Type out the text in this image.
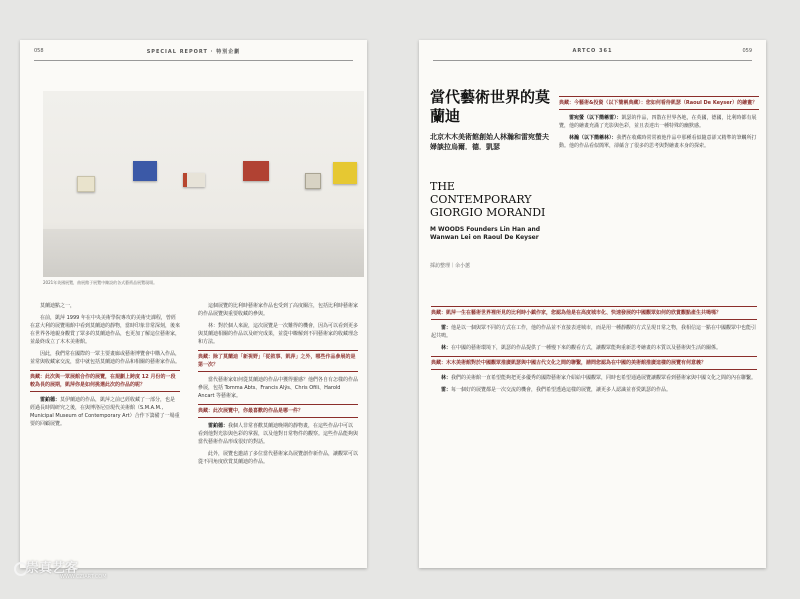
058	SPECIAL REPORT · 特別企劃
2021年英國展覽，曲展館于展覽中陳設的各式藝術品展覽現場。

莫蘭迪點之一，

在前，凱萍 1999 年在中央美術學院專攻的美術史課程，曾經在意大利的展覽場館中看到莫蘭迪的靜物，當時印象非常深刻，後來在世界各地親身觀賞了眾多的莫蘭迪作品，也更加了解這位藝術家，並最終成立了木木美術館。

因此，我們常在國際的一眾主要畫廊或藝術博覽會中購入作品，並常與收藏家交流，當中就包括莫蘭迪的作品和相關的藝術家作品。

典藏：此次與一眾展館合作的展覽，在規劃上跨度 12 月份的一段較為長的展期，凱萍你是如何挑選此次的作品的呢？

雷鉑德：莫伊蘭迪的作品，凱萍之前已經收藏了一部分，也是經過長時間研究之後，在與博洛尼亞現代美術館（S.M.A.M., Municipal Museum of Contemporary Art）合作下籌備了一場重要的回顧展覽。

這個展覽的比利時藝術家作品也受到了高度關注，包括比利時藝術家的作品展覽與重要收藏的參與。

林：對於個人來說，這次展覽是一次難得的機會，因為可以看到更多與莫蘭迪相關的作品以及研究成果，並從中瞭解到不同藝術家的收藏理念和方法。

典藏：除了莫蘭迪「新視野」「從敘事、凱萍」之外，哪些作品參展的是第一次？

當代藝術家如何從莫蘭迪的作品中獲得靈感？他們各自有怎樣的作品參展，包括 Tomma Abts、Francis Alÿs、Chris Ofili、Harold Ancart 等藝術家。

典藏：此次展覽中，你最喜歡的作品是哪一件？

雷鉑德：我個人非常喜歡莫蘭迪晚期的靜物畫，在這些作品中可以看到他對光影與色彩的掌握，以及他對日常物件的觀察。這些作品能夠與當代藝術作品形成很好的對話。

此外，展覽也邀請了多位當代藝術家為展覽創作新作品，讓觀眾可以從不同角度欣賞莫蘭迪的作品。

ARTCO 361	059
當代藝術世界的莫蘭迪
北京木木美術館創始人林瀚和雷宛螢夫婦談拉烏爾．德．凱瑟
THE CONTEMPORARY GIORGIO MORANDI
M WOODS Founders Lin Han and Wanwan Lei on Raoul De Keyser
採訪整理｜余小蕙
典藏：今藝術&投資（以下簡稱典藏）：您如何看待凱瑟（Raoul De Keyser）的繪畫？

雷宛螢（以下簡稱雷）：凱瑟的作品，四散在世界各地，在英國，德國，比利時都有展覽，他的繪畫充滿了光影與色彩，並且表達出一種特殊的幽默感。

林瀚（以下簡稱林）：我們在收藏時常常被他作品中那種看似隨意卻又精準的筆觸所打動。他的作品看似簡單，卻蘊含了很多的思考與對繪畫本身的探索。

典藏：凱萍一生在藝術世界裡所見的比利時小鎮作家，您認為他是在高度城市化、快速發展的中國觀眾如何的欣賞觀點產生共鳴嗎？

雷：他是以一個與眾不同的方式在工作，他的作品並不直接表達城市，而是用一種靜觀的方式呈現日常之物，我相信這一點在中國觀眾中也能引起共鳴。

林：在中國的藝術環境下，凱瑟的作品提供了一種慢下來的觀看方式，讓觀眾能夠重新思考繪畫的本質以及藝術與生活的關係。

典藏：木木美術館對於中國觀眾推廣凱瑟與中國古代文化之間的聯繫，請問您認為在中國的美術館推廣這樣的展覽有何意義？

林：我們的美術館一直希望能夠把更多優秀的國際藝術家介紹給中國觀眾，同時也希望通過展覽讓觀眾看到藝術家與中國文化之間的內在聯繫。

雷：每一個好的展覽都是一次交流的機會，我們希望透過這樣的展覽，讓更多人認識並喜愛凱瑟的作品。

崇真艺客
WWW.CZIART.COM
